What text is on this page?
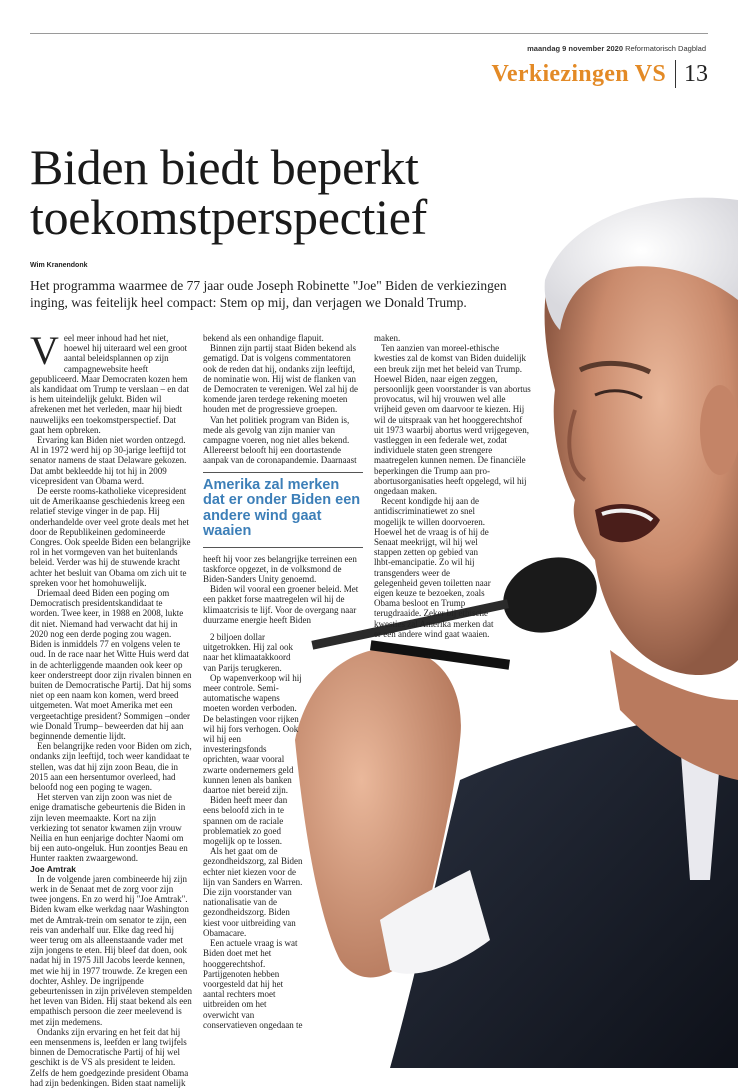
maandag 9 november 2020 Reformatorisch Dagblad
Verkiezingen VS 13
Biden biedt beperkt toekomstperspectief
Wim Kranendonk

Het programma waarmee de 77 jaar oude Joseph Robinette "Joe" Biden de verkiezingen inging, was feitelijk heel compact: Stem op mij, dan verjagen we Donald Trump.

Veel meer inhoud had het niet, hoewel hij uiteraard wel een groot aantal beleidsplannen op zijn campagnewebsite heeft gepubliceerd. Maar Democraten kozen hem als kandidaat om Trump te verslaan – en dat is hem uiteindelijk gelukt. Biden wil afrekenen met het verleden, maar hij biedt nauwelijks een toekomstperspectief. Dat gaat hem opbreken.

Ervaring kan Biden niet worden ontzegd. Al in 1972 werd hij op 30-jarige leeftijd tot senator namens de staat Delaware gekozen. Dat ambt bekleedde hij tot hij in 2009 vicepresident van Obama werd.

De eerste rooms-katholieke vicepresident uit de Amerikaanse geschiedenis kreeg een relatief stevige vinger in de pap. Hij onderhandelde over veel grote deals met het door de Republikeinen gedomineerde Congres. Ook speelde Biden een belangrijke rol in het vormgeven van het buitenlands beleid. Verder was hij de stuwende kracht achter het besluit van Obama om zich uit te spreken voor het homohuwelijk.

Driemaal deed Biden een poging om Democratisch presidentskandidaat te worden. Twee keer, in 1988 en 2008, lukte dit niet. Niemand had verwacht dat hij in 2020 nog een derde poging zou wagen. Biden is inmiddels 77 en volgens velen te oud. In de race naar het Witte Huis werd dat in de achterliggende maanden ook keer op keer onderstreept door zijn rivalen binnen en buiten de Democratische Partij. Dat hij soms niet op een naam kon komen, werd breed uitgemeten. Wat moet Amerika met een vergeetachtige president? Sommigen –onder wie Donald Trump– beweerden dat hij aan beginnende dementie lijdt.

Een belangrijke reden voor Biden om zich, ondanks zijn leeftijd, toch weer kandidaat te stellen, was dat hij zijn zoon Beau, die in 2015 aan een hersentumor overleed, had beloofd nog een poging te wagen.

Het sterven van zijn zoon was niet de enige dramatische gebeurtenis die Biden in zijn leven meemaakte. Kort na zijn verkiezing tot senator kwamen zijn vrouw Neilia en hun eenjarige dochter Naomi om bij een auto-ongeluk. Hun zoontjes Beau en Hunter raakten zwaargewond.

Joe Amtrak

In de volgende jaren combineerde hij zijn werk in de Senaat met de zorg voor zijn twee jongens. En zo werd hij "Joe Amtrak". Biden kwam elke werkdag naar Washington met de Amtrak-trein om senator te zijn, een reis van anderhalf uur. Elke dag reed hij weer terug om als alleenstaande vader met zijn jongens te eten. Hij bleef dat doen, ook nadat hij in 1975 Jill Jacobs leerde kennen, met wie hij in 1977 trouwde. Ze kregen een dochter, Ashley. De ingrijpende gebeurtenissen in zijn privéleven stempelden het leven van Biden. Hij staat bekend als een empathisch persoon die zeer meelevend is met zijn medemens.

Ondanks zijn ervaring en het feit dat hij een mensenmens is, leefden er lang twijfels binnen de Democratische Partij of hij wel geschikt is de VS als president te leiden. Zelfs de hem goedgezinde president Obama had zijn bedenkingen. Biden staat namelijk

bekend als een onhandige flapuit.

Binnen zijn partij staat Biden bekend als gematigd. Dat is volgens commentatoren ook de reden dat hij, ondanks zijn leeftijd, de nominatie won. Hij wist de flanken van de Democraten te verenigen. Wel zal hij de komende jaren terdege rekening moeten houden met de progressieve groepen.

Van het politiek program van Biden is, mede als gevolg van zijn manier van campagne voeren, nog niet alles bekend. Allereerst belooft hij een doortastende aanpak van de coronapandemie. Daarnaast

Amerika zal merken dat er onder Biden een andere wind gaat waaien

heeft hij voor zes belangrijke terreinen een taskforce opgezet, in de volksmond de Biden-Sanders Unity genoemd.

Biden wil vooral een groener beleid. Met een pakket forse maatregelen wil hij de klimaatcrisis te lijf. Voor de overgang naar duurzame energie heeft Biden

2 biljoen dollar uitgetrokken. Hij zal ook naar het klimaatakkoord van Parijs terugkeren.

Op wapenverkoop wil hij meer controle. Semi-automatische wapens moeten worden verboden. De belastingen voor rijken wil hij fors verhogen. Ook wil hij een investeringsfonds oprichten, waar vooral zwarte ondernemers geld kunnen lenen als banken daartoe niet bereid zijn.

Biden heeft meer dan eens beloofd zich in te spannen om de raciale problematiek zo goed mogelijk op te lossen.

Als het gaat om de gezondheidszorg, zal Biden echter niet kiezen voor de lijn van Sanders en Warren. Die zijn voorstander van nationalisatie van de gezondheidszorg. Biden kiest voor uitbreiding van Obamacare.

Een actuele vraag is wat Biden doet met het hooggerechtshof. Partijgenoten hebben voorgesteld dat hij het aantal rechters moet uitbreiden om het overwicht van conservatieven ongedaan te

maken.

Ten aanzien van moreel-ethische kwesties zal de komst van Biden duidelijk een breuk zijn met het beleid van Trump. Hoewel Biden, naar eigen zeggen, persoonlijk geen voorstander is van abortus provocatus, wil hij vrouwen wel alle vrijheid geven om daarvoor te kiezen. Hij wil de uitspraak van het hooggerechtshof uit 1973 waarbij abortus werd vrijgegeven, vastleggen in een federale wet, zodat individuele staten geen strengere maatregelen kunnen nemen. De financiële beperkingen die Trump aan pro-abortusorganisaties heeft opgelegd, wil hij ongedaan maken.

Recent kondigde hij aan de antidiscriminatiewet zo snel mogelijk te willen doorvoeren. Hoewel het de vraag is of hij de Senaat meekrijgt, wil hij wel stappen zetten op gebied van lhbt-emancipatie. Zo wil hij transgenders weer de gelegenheid geven toiletten naar eigen keuze te bezoeken, zoals Obama besloot en Trump terugdraaide. Zeker bij ethische kwesties zal Amerika merken dat er een andere wind gaat waaien.
